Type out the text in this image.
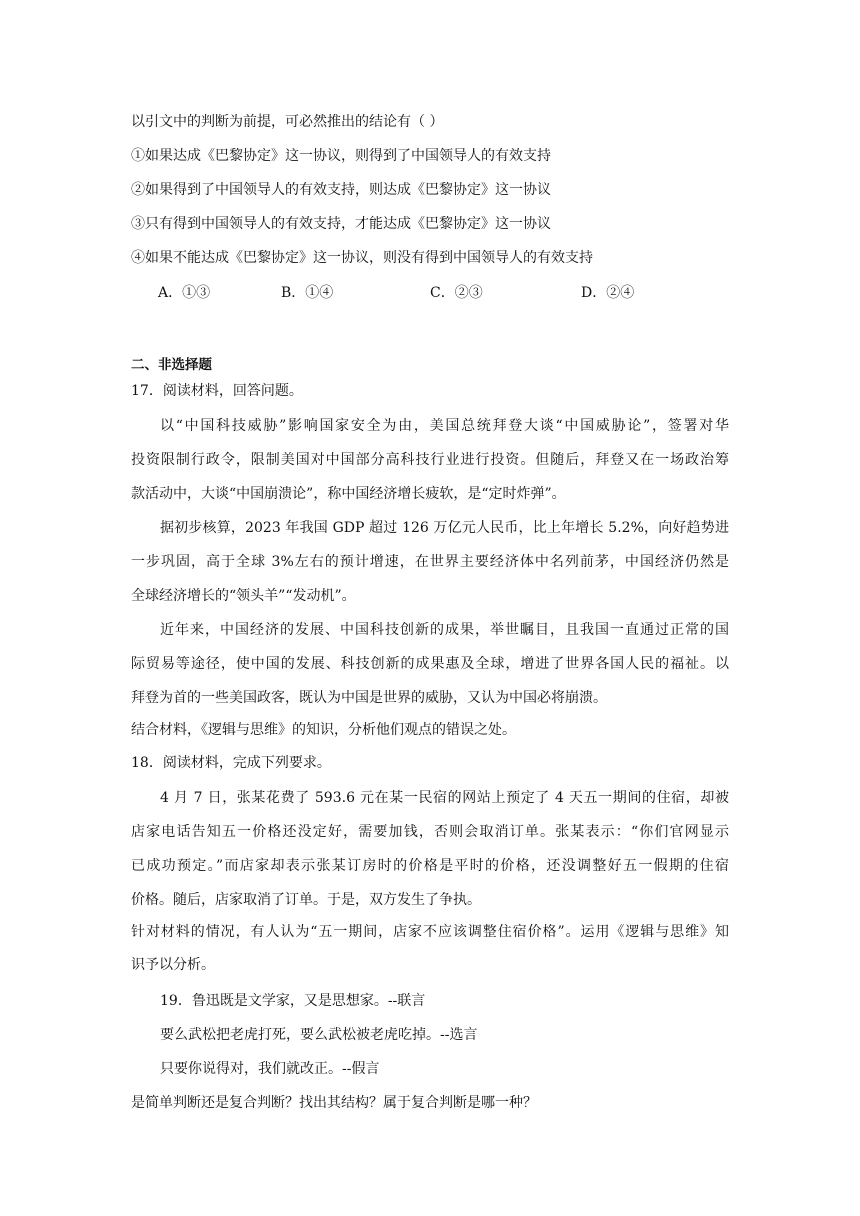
以引文中的判断为前提，可必然推出的结论有（ ）
①如果达成《巴黎协定》这一协议，则得到了中国领导人的有效支持
②如果得到了中国领导人的有效支持，则达成《巴黎协定》这一协议
③只有得到中国领导人的有效支持，才能达成《巴黎协定》这一协议
④如果不能达成《巴黎协定》这一协议，则没有得到中国领导人的有效支持
A．①③	B．①④	C．②③	D．②④
二、非选择题
17．阅读材料，回答问题。
以“中国科技威胁”影响国家安全为由，美国总统拜登大谈“中国威胁论”，签署对华
投资限制行政令，限制美国对中国部分高科技行业进行投资。但随后，拜登又在一场政治筹
款活动中，大谈“中国崩溃论”，称中国经济增长疲软，是“定时炸弹”。
据初步核算，2023 年我国 GDP 超过 126 万亿元人民币，比上年增长 5.2%，向好趋势进
一步巩固，高于全球 3%左右的预计增速，在世界主要经济体中名列前茅，中国经济仍然是
全球经济增长的“领头羊”“发动机”。
近年来，中国经济的发展、中国科技创新的成果，举世瞩目，且我国一直通过正常的国
际贸易等途径，使中国的发展、科技创新的成果惠及全球，增进了世界各国人民的福祉。以
拜登为首的一些美国政客，既认为中国是世界的威胁，又认为中国必将崩溃。
结合材料，《逻辑与思维》的知识，分析他们观点的错误之处。
18．阅读材料，完成下列要求。
4 月 7 日，张某花费了 593.6 元在某一民宿的网站上预定了 4 天五一期间的住宿，却被
店家电话告知五一价格还没定好，需要加钱，否则会取消订单。张某表示：“你们官网显示
已成功预定。”而店家却表示张某订房时的价格是平时的价格，还没调整好五一假期的住宿
价格。随后，店家取消了订单。于是，双方发生了争执。
针对材料的情况，有人认为“五一期间，店家不应该调整住宿价格”。运用《逻辑与思维》知
识予以分析。
19．鲁迅既是文学家，又是思想家。--联言
要么武松把老虎打死，要么武松被老虎吃掉。--选言
只要你说得对，我们就改正。--假言
是简单判断还是复合判断？找出其结构？属于复合判断是哪一种？
